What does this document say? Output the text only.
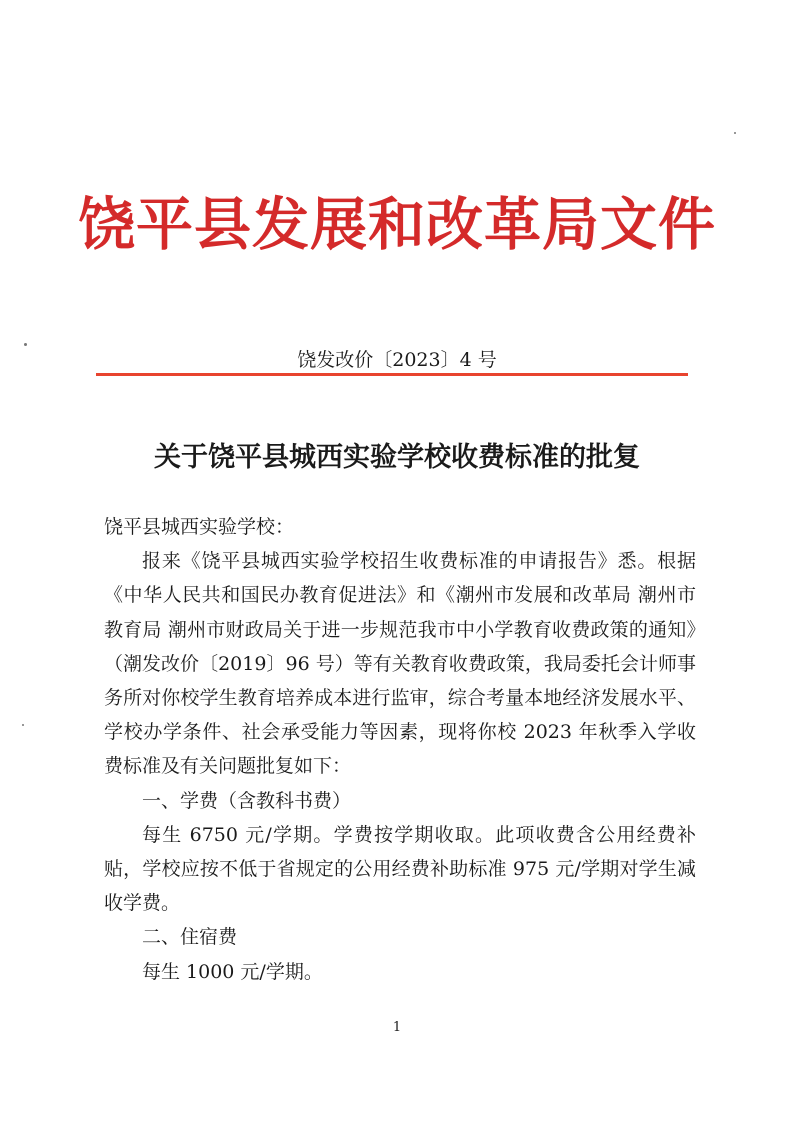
饶平县发展和改革局文件
饶发改价〔2023〕4 号
关于饶平县城西实验学校收费标准的批复

饶平县城西实验学校：

报来《饶平县城西实验学校招生收费标准的申请报告》悉。根据《中华人民共和国民办教育促进法》和《潮州市发展和改革局 潮州市教育局 潮州市财政局关于进一步规范我市中小学教育收费政策的通知》（潮发改价〔2019〕96 号）等有关教育收费政策，我局委托会计师事务所对你校学生教育培养成本进行监审，综合考量本地经济发展水平、学校办学条件、社会承受能力等因素，现将你校 2023 年秋季入学收费标准及有关问题批复如下：

一、学费（含教科书费）

每生 6750 元/学期。学费按学期收取。此项收费含公用经费补贴，学校应按不低于省规定的公用经费补助标准 975 元/学期对学生减收学费。

二、住宿费

每生 1000 元/学期。

1
